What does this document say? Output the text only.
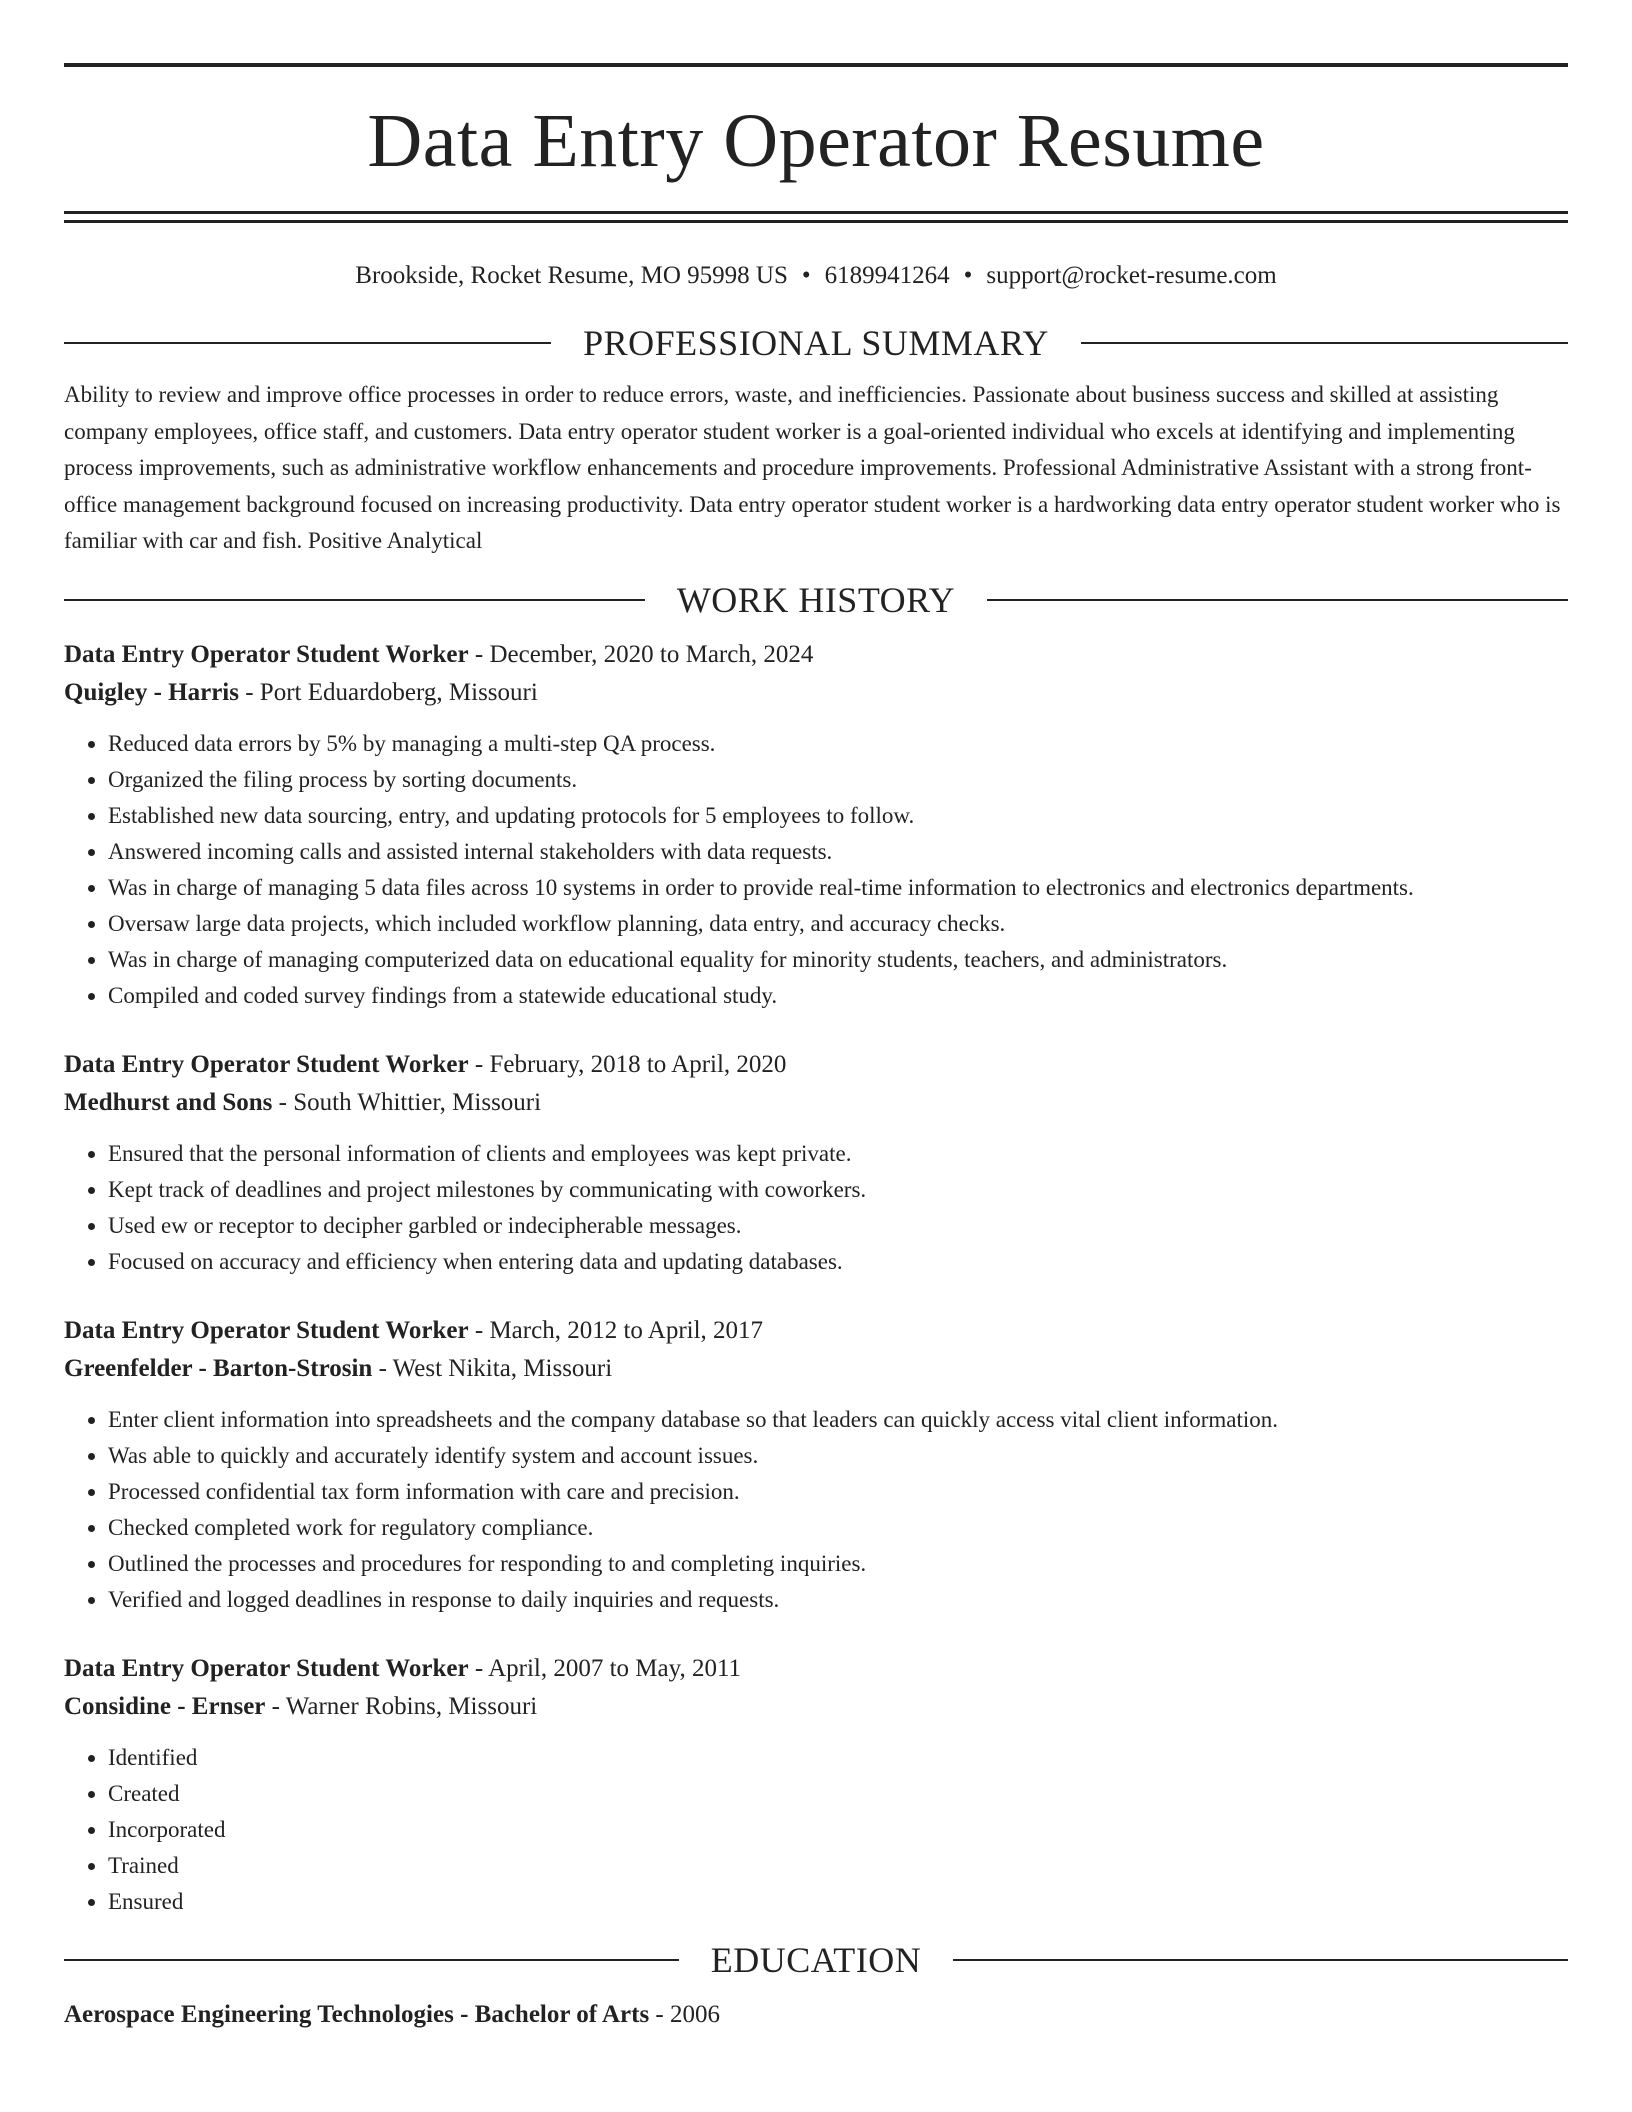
Data Entry Operator Resume
Brookside, Rocket Resume, MO 95998 US • 6189941264 • support@rocket-resume.com
PROFESSIONAL SUMMARY

Ability to review and improve office processes in order to reduce errors, waste, and inefficiencies. Passionate about business success and skilled at assisting company employees, office staff, and customers. Data entry operator student worker is a goal-oriented individual who excels at identifying and implementing process improvements, such as administrative workflow enhancements and procedure improvements. Professional Administrative Assistant with a strong front-office management background focused on increasing productivity. Data entry operator student worker is a hardworking data entry operator student worker who is familiar with car and fish. Positive Analytical

WORK HISTORY
Data Entry Operator Student Worker - December, 2020 to March, 2024
Quigley - Harris - Port Eduardoberg, Missouri
• Reduced data errors by 5% by managing a multi-step QA process.
• Organized the filing process by sorting documents.
• Established new data sourcing, entry, and updating protocols for 5 employees to follow.
• Answered incoming calls and assisted internal stakeholders with data requests.
• Was in charge of managing 5 data files across 10 systems in order to provide real-time information to electronics and electronics departments.
• Oversaw large data projects, which included workflow planning, data entry, and accuracy checks.
• Was in charge of managing computerized data on educational equality for minority students, teachers, and administrators.
• Compiled and coded survey findings from a statewide educational study.
Data Entry Operator Student Worker - February, 2018 to April, 2020
Medhurst and Sons - South Whittier, Missouri
• Ensured that the personal information of clients and employees was kept private.
• Kept track of deadlines and project milestones by communicating with coworkers.
• Used ew or receptor to decipher garbled or indecipherable messages.
• Focused on accuracy and efficiency when entering data and updating databases.
Data Entry Operator Student Worker - March, 2012 to April, 2017
Greenfelder - Barton-Strosin - West Nikita, Missouri
• Enter client information into spreadsheets and the company database so that leaders can quickly access vital client information.
• Was able to quickly and accurately identify system and account issues.
• Processed confidential tax form information with care and precision.
• Checked completed work for regulatory compliance.
• Outlined the processes and procedures for responding to and completing inquiries.
• Verified and logged deadlines in response to daily inquiries and requests.
Data Entry Operator Student Worker - April, 2007 to May, 2011
Considine - Ernser - Warner Robins, Missouri
• Identified
• Created
• Incorporated
• Trained
• Ensured
EDUCATION
Aerospace Engineering Technologies - Bachelor of Arts - 2006
